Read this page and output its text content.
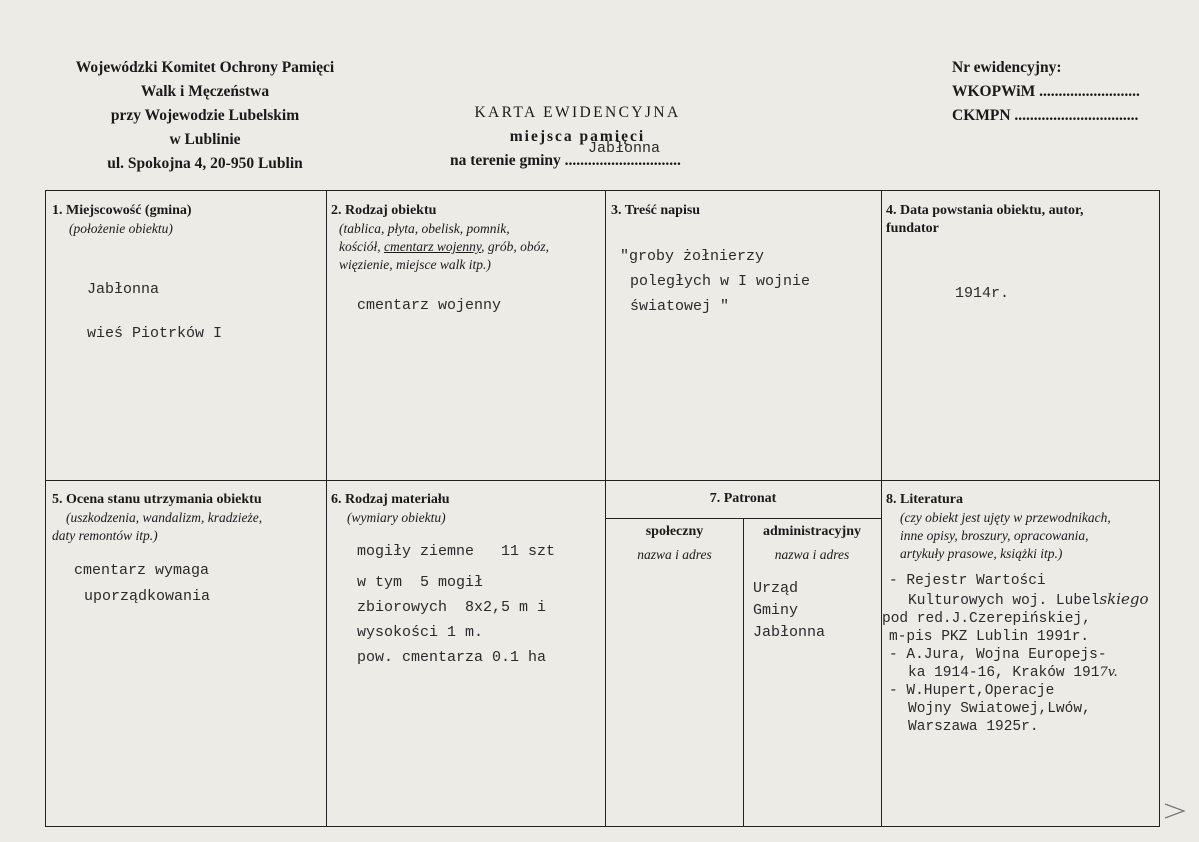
Wojewódzki Komitet Ochrony Pamięci
Walk i Męczeństwa
przy Wojewodzie Lubelskim
w Lublinie
ul. Spokojna 4, 20-950 Lublin
KARTA EWIDENCYJNA
miejsca pamięci
na terenie gminy ..............................
Jabłonna
Nr ewidencyjny:
WKOPWiM ..........................
CKMPN ................................
1. Miejscowość (gmina)
(położenie obiektu)
Jabłonna
wieś Piotrków I
2. Rodzaj obiektu
(tablica, płyta, obelisk, pomnik,
kościół, cmentarz wojenny, grób, obóz,
więzienie, miejsce walk itp.)
cmentarz wojenny
3. Treść napisu
"groby żołnierzy
poległych w I wojnie
światowej "
4. Data powstania obiektu, autor,
fundator
1914r.
5. Ocena stanu utrzymania obiektu
(uszkodzenia, wandalizm, kradzieże,
daty remontów itp.)
cmentarz wymaga
uporządkowania
6. Rodzaj materiału
(wymiary obiektu)
mogiły ziemne   11 szt
w tym  5 mogił
zbiorowych  8x2,5 m i
wysokości 1 m.
pow. cmentarza 0.1 ha
7. Patronat
społeczny	administracyjny
nazwa i adres	nazwa i adres
Urząd
Gminy
Jabłonna
8. Literatura
(czy obiekt jest ujęty w przewodnikach,
inne opisy, broszury, opracowania,
artykuły prasowe, książki itp.)
- Rejestr Wartości
Kulturowych woj. Lubelskiego
pod red.J.Czerepińskiej,
m-pis PKZ Lublin 1991r.
- A.Jura, Wojna Europejs-
ka 1914-16, Kraków 1917v.
- W.Hupert,Operacje
Wojny Swiatowej,Lwów,
Warszawa 1925r.
